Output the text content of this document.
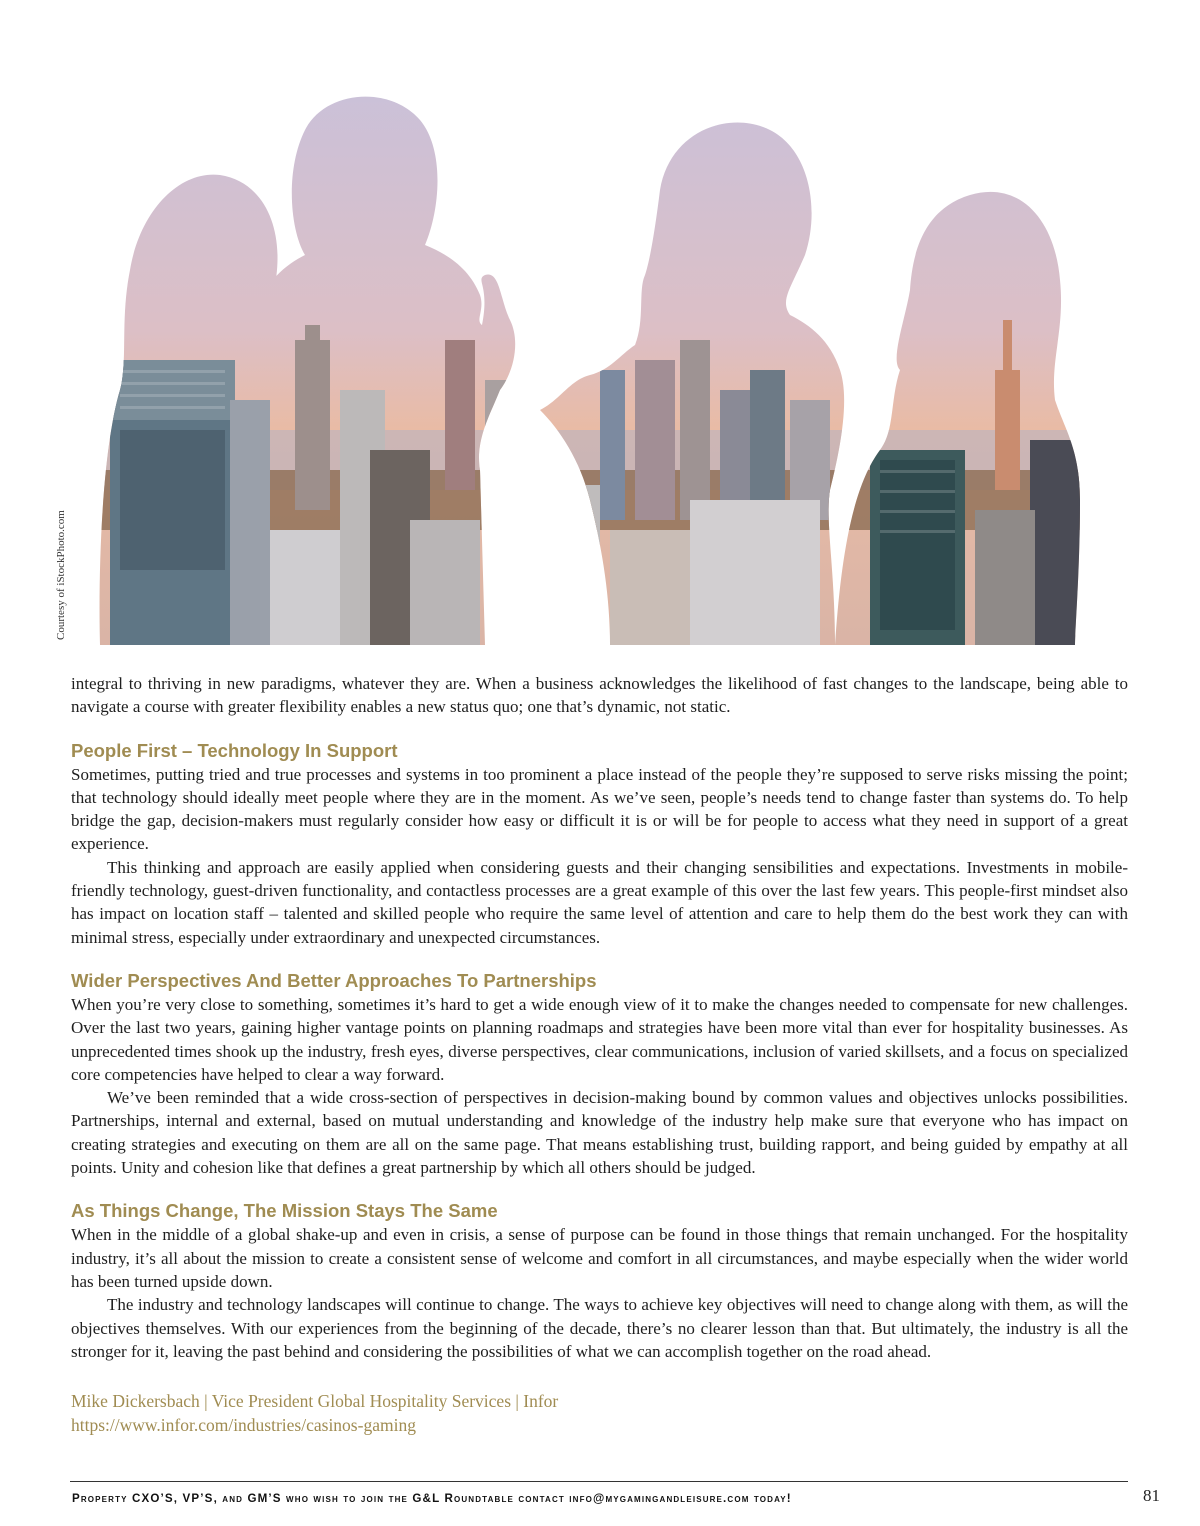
Courtesy of iStockPhoto.com

integral to thriving in new paradigms, whatever they are. When a business acknowledges the likelihood of fast changes to the landscape, being able to navigate a course with greater flexibility enables a new status quo; one that’s dynamic, not static.

People First – Technology In Support

Sometimes, putting tried and true processes and systems in too prominent a place instead of the people they’re supposed to serve risks missing the point; that technology should ideally meet people where they are in the moment. As we’ve seen, people’s needs tend to change faster than systems do. To help bridge the gap, decision-makers must regularly consider how easy or difficult it is or will be for people to access what they need in support of a great experience.

This thinking and approach are easily applied when considering guests and their changing sensibilities and expectations. Investments in mobile-friendly technology, guest-driven functionality, and contactless processes are a great example of this over the last few years. This people-first mindset also has impact on location staff – talented and skilled people who require the same level of attention and care to help them do the best work they can with minimal stress, especially under extraordinary and unexpected circumstances.

Wider Perspectives And Better Approaches To Partnerships

When you’re very close to something, sometimes it’s hard to get a wide enough view of it to make the changes needed to compensate for new challenges. Over the last two years, gaining higher vantage points on planning roadmaps and strategies have been more vital than ever for hospitality businesses. As unprecedented times shook up the industry, fresh eyes, diverse perspectives, clear communications, inclusion of varied skillsets, and a focus on specialized core competencies have helped to clear a way forward.

We’ve been reminded that a wide cross-section of perspectives in decision-making bound by common values and objectives unlocks possibilities. Partnerships, internal and external, based on mutual understanding and knowledge of the industry help make sure that everyone who has impact on creating strategies and executing on them are all on the same page. That means establishing trust, building rapport, and being guided by empathy at all points. Unity and cohesion like that defines a great partnership by which all others should be judged.

As Things Change, The Mission Stays The Same

When in the middle of a global shake-up and even in crisis, a sense of purpose can be found in those things that remain unchanged. For the hospitality industry, it’s all about the mission to create a consistent sense of welcome and comfort in all circumstances, and maybe especially when the wider world has been turned upside down.

The industry and technology landscapes will continue to change. The ways to achieve key objectives will need to change along with them, as will the objectives themselves. With our experiences from the beginning of the decade, there’s no clearer lesson than that. But ultimately, the industry is all the stronger for it, leaving the past behind and considering the possibilities of what we can accomplish together on the road ahead.

Mike Dickersbach | Vice President Global Hospitality Services | Infor
https://www.infor.com/industries/casinos-gaming
Property CXO’S, VP’S, and GM’S who wish to join the G&L Roundtable contact info@mygamingandleisure.com today!	81
